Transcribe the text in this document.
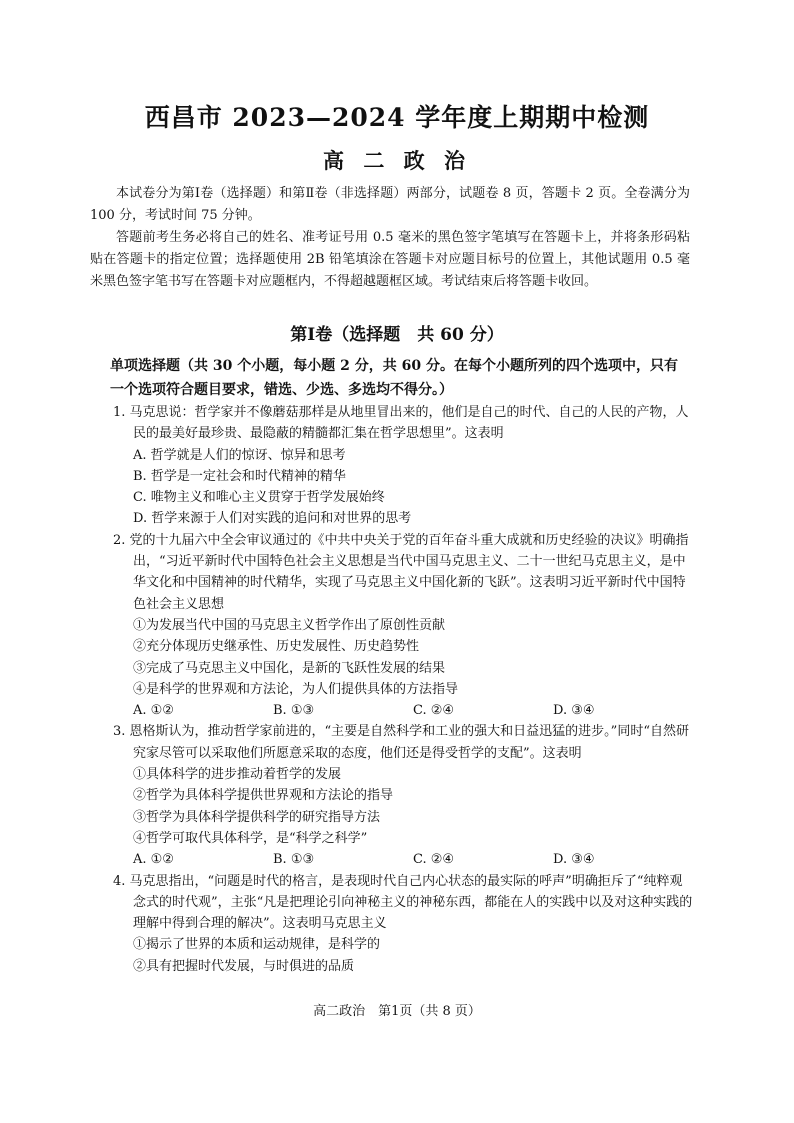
西昌市 2023—2024 学年度上期期中检测
高 二 政 治

本试卷分为第Ⅰ卷（选择题）和第Ⅱ卷（非选择题）两部分，试题卷 8 页，答题卡 2 页。全卷满分为 100 分，考试时间 75 分钟。

答题前考生务必将自己的姓名、准考证号用 0.5 毫米的黑色签字笔填写在答题卡上，并将条形码粘贴在答题卡的指定位置；选择题使用 2B 铅笔填涂在答题卡对应题目标号的位置上，其他试题用 0.5 毫米黑色签字笔书写在答题卡对应题框内，不得超越题框区域。考试结束后将答题卡收回。

第Ⅰ卷（选择题　共 60 分）
单项选择题（共 30 个小题，每小题 2 分，共 60 分。在每个小题所列的四个选项中，只有一个选项符合题目要求，错选、少选、多选均不得分。）
1. 马克思说：哲学家并不像蘑菇那样是从地里冒出来的，他们是自己的时代、自己的人民的产物，人民的最美好最珍贵、最隐蔽的精髓都汇集在哲学思想里”。这表明
A. 哲学就是人们的惊讶、惊异和思考
B. 哲学是一定社会和时代精神的精华
C. 唯物主义和唯心主义贯穿于哲学发展始终
D. 哲学来源于人们对实践的追问和对世界的思考
2. 党的十九届六中全会审议通过的《中共中央关于党的百年奋斗重大成就和历史经验的决议》明确指出，“习近平新时代中国特色社会主义思想是当代中国马克思主义、二十一世纪马克思主义，是中华文化和中国精神的时代精华，实现了马克思主义中国化新的飞跃”。这表明习近平新时代中国特色社会主义思想
①为发展当代中国的马克思主义哲学作出了原创性贡献
②充分体现历史继承性、历史发展性、历史趋势性
③完成了马克思主义中国化，是新的飞跃性发展的结果
④是科学的世界观和方法论，为人们提供具体的方法指导
A. ①②	B. ①③	C. ②④	D. ③④
3. 恩格斯认为，推动哲学家前进的，“主要是自然科学和工业的强大和日益迅猛的进步。”同时“自然研究家尽管可以采取他们所愿意采取的态度，他们还是得受哲学的支配”。这表明
①具体科学的进步推动着哲学的发展
②哲学为具体科学提供世界观和方法论的指导
③哲学为具体科学提供科学的研究指导方法
④哲学可取代具体科学，是“科学之科学”
A. ①②	B. ①③	C. ②④	D. ③④
4. 马克思指出，“问题是时代的格言，是表现时代自己内心状态的最实际的呼声”明确拒斥了“纯粹观念式的时代观”，主张“凡是把理论引向神秘主义的神秘东西，都能在人的实践中以及对这种实践的理解中得到合理的解决”。这表明马克思主义
①揭示了世界的本质和运动规律，是科学的
②具有把握时代发展，与时俱进的品质
高二政治　第1页（共 8 页）
